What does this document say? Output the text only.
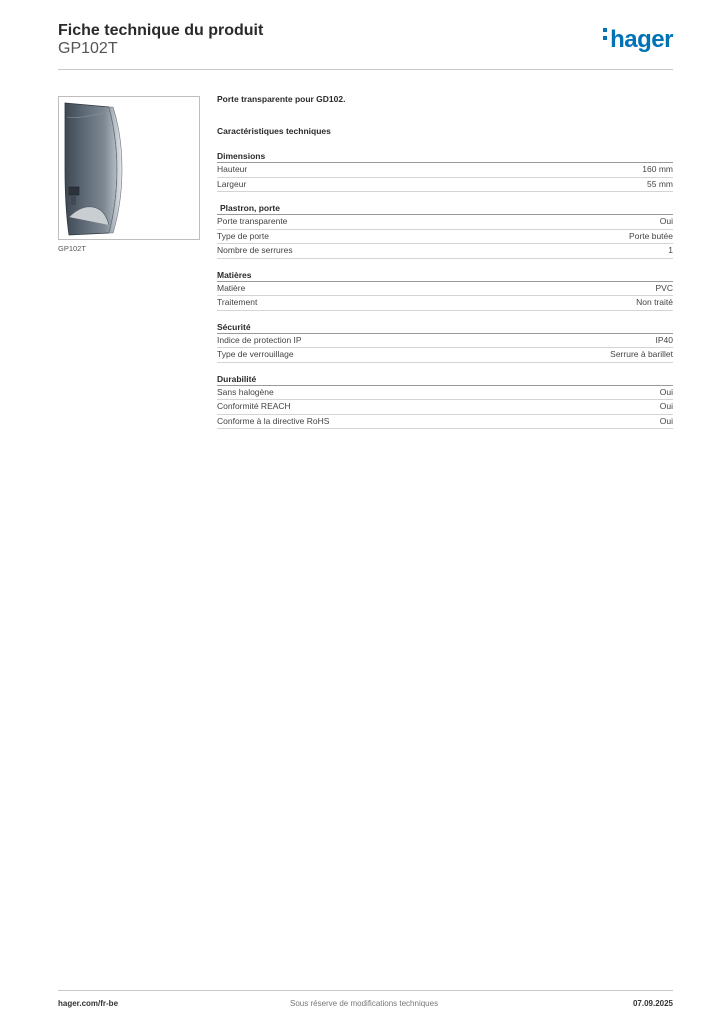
Fiche technique du produit

GP102T	hager
GP102T

Porte transparente pour GD102.

Caractéristiques techniques

Dimensions
Hauteur	160 mm
Largeur	55 mm
Plastron, porte
Porte transparente	Oui
Type de porte	Porte butée
Nombre de serrures	1
Matières
Matière	PVC
Traitement	Non traité
Sécurité
Indice de protection IP	IP40
Type de verrouillage	Serrure à barillet
Durabilité
Sans halogène	Oui
Conformité REACH	Oui
Conforme à la directive RoHS	Oui
hager.com/fr-be	Sous réserve de modifications techniques	07.09.2025
